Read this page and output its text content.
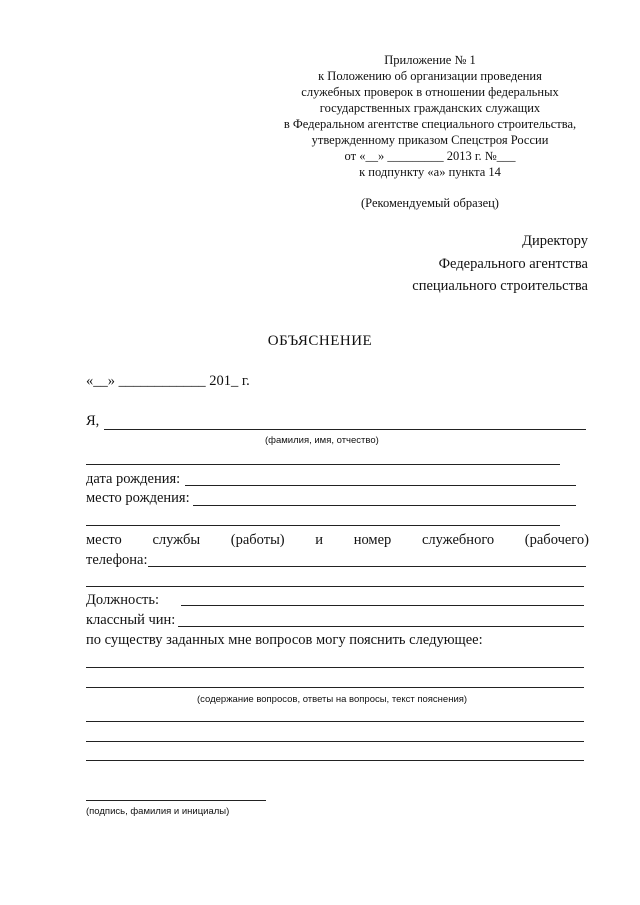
Приложение № 1
к Положению об организации проведения
служебных проверок в отношении федеральных
государственных гражданских служащих
в Федеральном агентстве специального строительства,
утвержденному приказом Спецстроя России
от «__» _________ 2013 г. №___
к подпункту «а» пункта 14
(Рекомендуемый образец)
Директору
Федерального агентства
специального строительства
ОБЪЯСНЕНИЕ
«__» ____________ 201_ г.
Я,
(фамилия, имя, отчество)
дата рождения:
место рождения:
место службы (работы) и номер служебного (рабочего)
телефона:
Должность:
классный чин:
по существу заданных мне вопросов могу пояснить следующее:
(содержание вопросов, ответы на вопросы, текст пояснения)
(подпись, фамилия и инициалы)
